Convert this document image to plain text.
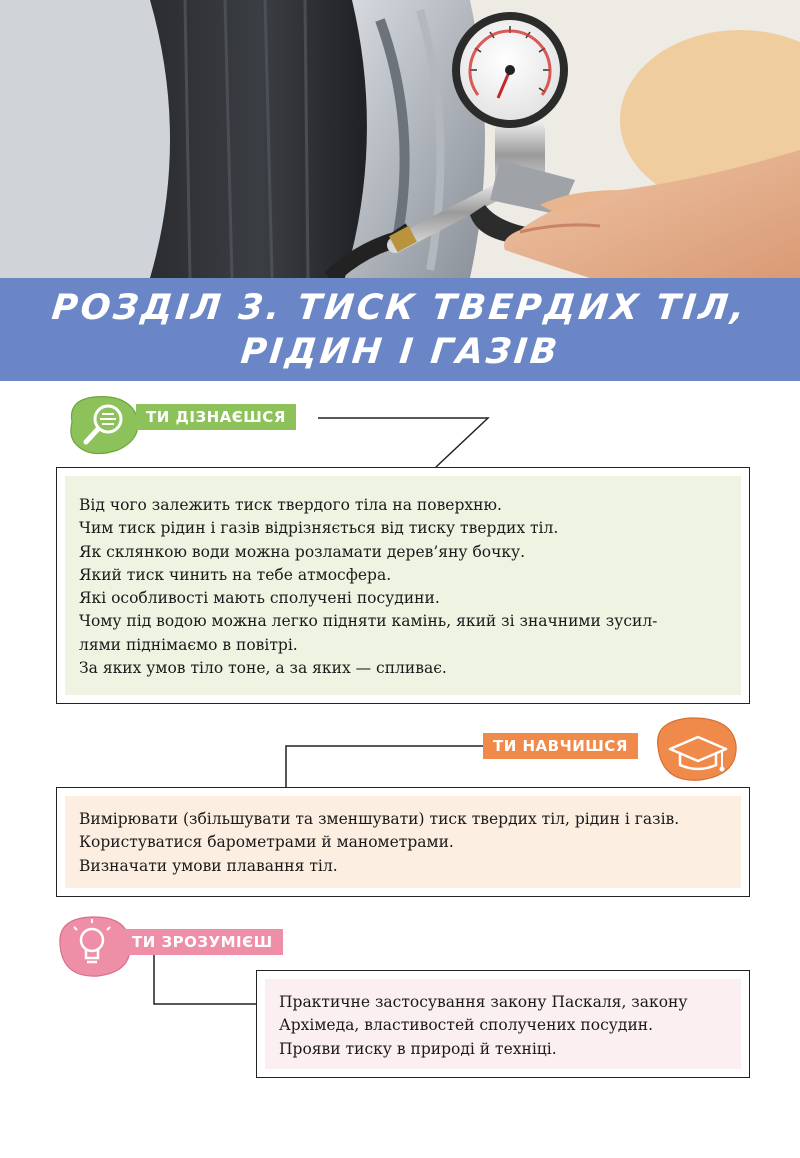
РОЗДІЛ 3. ТИСК ТВЕРДИХ ТІЛ,
РІДИН І ГАЗІВ
ТИ ДІЗНАЄШСЯ
Від чого залежить тиск твердого тіла на поверхню.
Чим тиск рідин і газів відрізняється від тиску твердих тіл.
Як склянкою води можна розламати дерев’яну бочку.
Який тиск чинить на тебе атмосфера.
Які особливості мають сполучені посудини.
Чому під водою можна легко підняти камінь, який зі значними зусил-
лями піднімаємо в повітрі.
За яких умов тіло тоне, а за яких — спливає.
ТИ НАВЧИШСЯ
Вимірювати (збільшувати та зменшувати) тиск твердих тіл, рідин і газів.
Користуватися барометрами й манометрами.
Визначати умови плавання тіл.
ТИ ЗРОЗУМІЄШ
Практичне застосування закону Паскаля, закону
Архімеда, властивостей сполучених посудин.
Прояви тиску в природі й техніці.
